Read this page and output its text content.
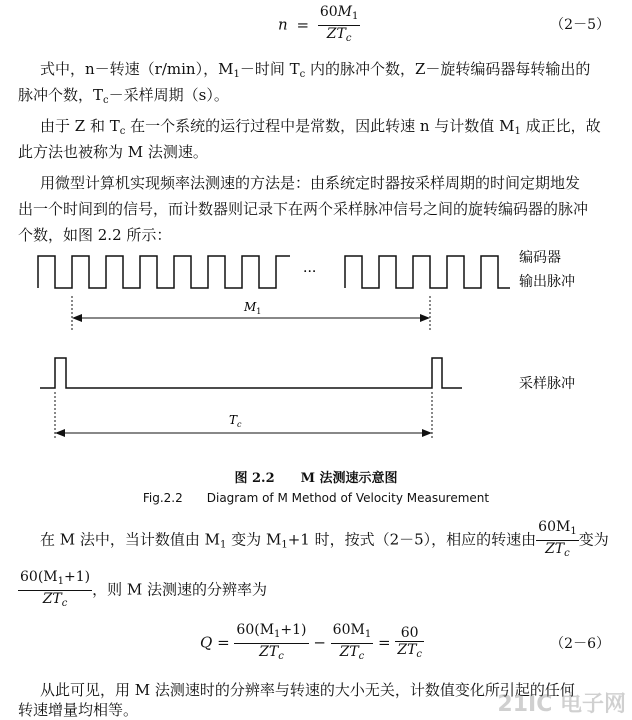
$n = \frac{60M_1}{ZT_c}$	（2－5）
式中，n－转速（r/min），$M_1-$时间 $T_c$ 内的脉冲个数，Z－旋转编码器每转输出的
脉冲个数，$T_c-$采样周期（s）。
由于 Z 和 $T_c$ 在一个系统的运行过程中是常数，因此转速 n 与计数值 $M_1$ 成正比，故
此方法也被称为 M 法测速。
用微型计算机实现频率法测速的方法是：由系统定时器按采样周期的时间定期地发
出一个时间到的信号，而计数器则记录下在两个采样脉冲信号之间的旋转编码器的脉冲
个数，如图 2.2 所示：
···
编码器
输出脉冲
$M_1$
采样脉冲
$T_c$
图 2.2　　M 法测速示意图
Fig.2.2　　Diagram of M Method of Velocity Measurement
在 M 法中，当计数值由 $M_1$ 变为 $M_1+1$ 时，按式（2－5），相应的转速由 $\frac{60M_1}{ZT_c}$ 变为
$\frac{60(M_1+1)}{ZT_c}$ ，则 M 法测速的分辨率为
$Q = \frac{60(M_1+1)}{ZT_c} - \frac{60M_1}{ZT_c} = \frac{60}{ZT_c}$	（2－6）
从此可见，用 M 法测速时的分辨率与转速的大小无关，计数值变化所引起的任何
转速增量均相等。	21IC 电子网
